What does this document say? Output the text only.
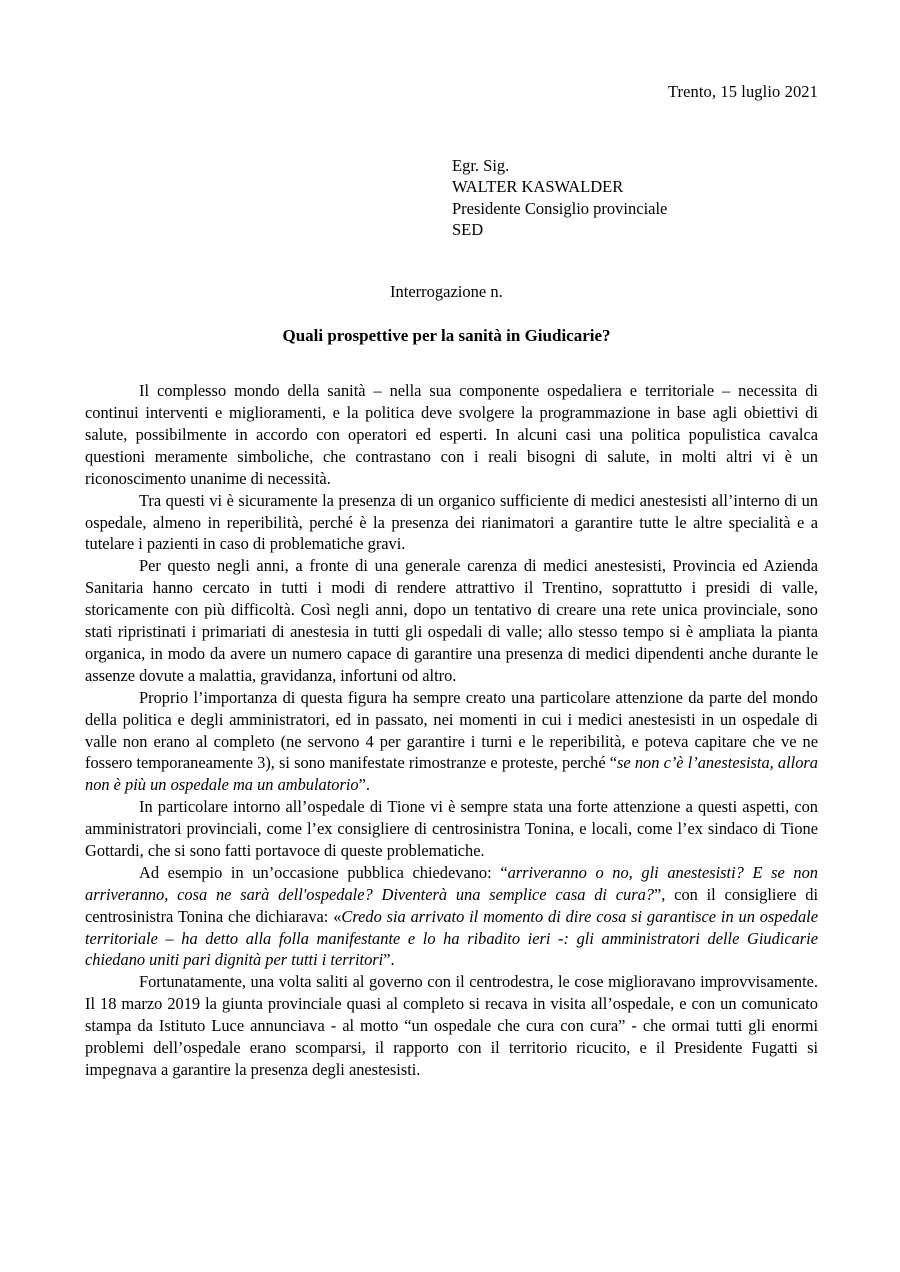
Trento, 15 luglio 2021
Egr. Sig.
WALTER KASWALDER
Presidente Consiglio provinciale
SED
Interrogazione n.
Quali prospettive per la sanità in Giudicarie?

Il complesso mondo della sanità – nella sua componente ospedaliera e territoriale – necessita di continui interventi e miglioramenti, e la politica deve svolgere la programmazione in base agli obiettivi di salute, possibilmente in accordo con operatori ed esperti. In alcuni casi una politica populistica cavalca questioni meramente simboliche, che contrastano con i reali bisogni di salute, in molti altri vi è un riconoscimento unanime di necessità.

Tra questi vi è sicuramente la presenza di un organico sufficiente di medici anestesisti all’interno di un ospedale, almeno in reperibilità, perché è la presenza dei rianimatori a garantire tutte le altre specialità e a tutelare i pazienti in caso di problematiche gravi.

Per questo negli anni, a fronte di una generale carenza di medici anestesisti, Provincia ed Azienda Sanitaria hanno cercato in tutti i modi di rendere attrattivo il Trentino, soprattutto i presidi di valle, storicamente con più difficoltà. Così negli anni, dopo un tentativo di creare una rete unica provinciale, sono stati ripristinati i primariati di anestesia in tutti gli ospedali di valle; allo stesso tempo si è ampliata la pianta organica, in modo da avere un numero capace di garantire una presenza di medici dipendenti anche durante le assenze dovute a malattia, gravidanza, infortuni od altro.

Proprio l’importanza di questa figura ha sempre creato una particolare attenzione da parte del mondo della politica e degli amministratori, ed in passato, nei momenti in cui i medici anestesisti in un ospedale di valle non erano al completo (ne servono 4 per garantire i turni e le reperibilità, e poteva capitare che ve ne fossero temporaneamente 3), si sono manifestate rimostranze e proteste, perché “se non c’è l’anestesista, allora non è più un ospedale ma un ambulatorio”.

In particolare intorno all’ospedale di Tione vi è sempre stata una forte attenzione a questi aspetti, con amministratori provinciali, come l’ex consigliere di centrosinistra Tonina, e locali, come l’ex sindaco di Tione Gottardi, che si sono fatti portavoce di queste problematiche.

Ad esempio in un’occasione pubblica chiedevano: “arriveranno o no, gli anestesisti? E se non arriveranno, cosa ne sarà dell'ospedale? Diventerà una semplice casa di cura?”, con il consigliere di centrosinistra Tonina che dichiarava: «Credo sia arrivato il momento di dire cosa si garantisce in un ospedale territoriale – ha detto alla folla manifestante e lo ha ribadito ieri -: gli amministratori delle Giudicarie chiedano uniti pari dignità per tutti i territori”.

Fortunatamente, una volta saliti al governo con il centrodestra, le cose miglioravano improvvisamente. Il 18 marzo 2019 la giunta provinciale quasi al completo si recava in visita all’ospedale, e con un comunicato stampa da Istituto Luce annunciava - al motto “un ospedale che cura con cura” - che ormai tutti gli enormi problemi dell’ospedale erano scomparsi, il rapporto con il territorio ricucito, e il Presidente Fugatti si impegnava a garantire la presenza degli anestesisti.
